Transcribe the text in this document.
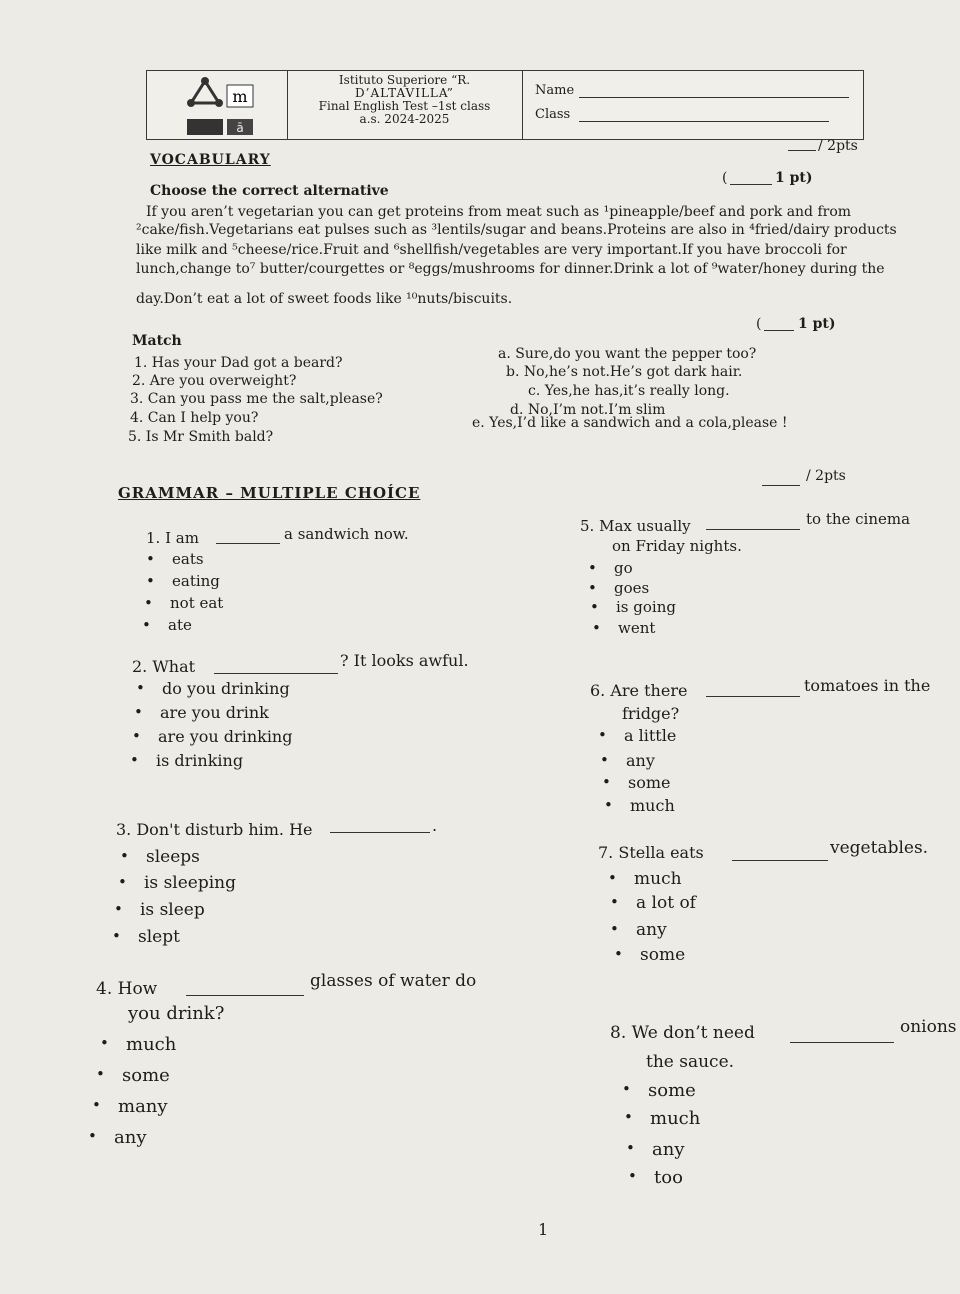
m
ā
Istituto Superiore “R.
D’ALTAVILLA”
Final English Test –1st class
a.s. 2024-2025
Name
Class
VOCABULARY
/ 2pts
Choose the correct alternative
(	1 pt)
If you aren’t vegetarian you can get proteins from meat such as ¹pineapple/beef and pork and from
²cake/fish.Vegetarians eat pulses such as ³lentils/sugar and beans.Proteins are also in ⁴fried/dairy products
like milk and ⁵cheese/rice.Fruit and ⁶shellfish/vegetables are very important.If you have broccoli for
lunch,change to⁷ butter/courgettes or ⁸eggs/mushrooms for dinner.Drink a lot of ⁹water/honey during the
day.Don’t eat a lot of sweet foods like ¹⁰nuts/biscuits.
Match
(	1 pt)
1. Has your Dad got a beard?
2. Are you overweight?
3. Can you pass me the salt,please?
4. Can I help you?
5. Is Mr Smith bald?
a. Sure,do you want the pepper too?
b. No,he’s not.He’s got dark hair.
c. Yes,he has,it’s really long.
d. No,I’m not.I’m slim
e. Yes,I’d like a sandwich and a cola,please !
GRAMMAR – MULTIPLE CHOÍCE
/ 2pts
1. I am	a sandwich now.
• eats
• eating
• not eat
• ate
2. What	? It looks awful.
• do you drinking
• are you drink
• are you drinking
• is drinking
3. Don't disturb him. He	.
• sleeps
• is sleeping
• is sleep
• slept
4. How	glasses of water do
you drink?
• much
• some
• many
• any
5. Max usually	to the cinema
on Friday nights.
• go
• goes
• is going
• went
6. Are there	tomatoes in the
fridge?
• a little
• any
• some
• much
7. Stella eats	vegetables.
• much
• a lot of
• any
• some
8. We don’t need	onions
the sauce.
• some
• much
• any
• too
1
